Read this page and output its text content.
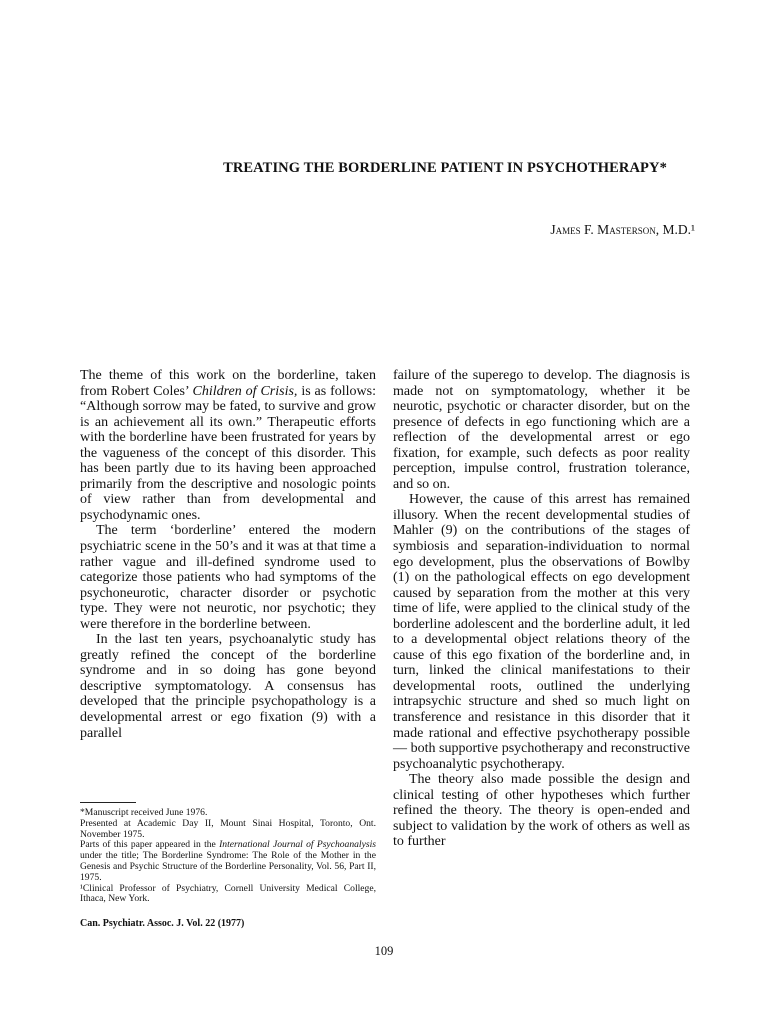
TREATING THE BORDERLINE PATIENT IN PSYCHOTHERAPY*
James F. Masterson, M.D.¹

The theme of this work on the borderline, taken from Robert Coles’ Children of Crisis, is as follows: “Although sorrow may be fated, to survive and grow is an achievement all its own.” Therapeutic efforts with the borderline have been frustrated for years by the vagueness of the concept of this disorder. This has been partly due to its having been approached primarily from the descriptive and nosologic points of view rather than from developmental and psychodynamic ones.

The term ‘borderline’ entered the modern psychiatric scene in the 50’s and it was at that time a rather vague and ill-defined syndrome used to categorize those patients who had symptoms of the psychoneurotic, character disorder or psychotic type. They were not neurotic, nor psychotic; they were therefore in the borderline between.

In the last ten years, psychoanalytic study has greatly refined the concept of the borderline syndrome and in so doing has gone beyond descriptive symptomatology. A consensus has developed that the principle psychopathology is a developmental arrest or ego fixation (9) with a parallel

*Manuscript received June 1976.
Presented at Academic Day II, Mount Sinai Hospital, Toronto, Ont. November 1975.
Parts of this paper appeared in the International Journal of Psychoanalysis under the title; The Borderline Syndrome: The Role of the Mother in the Genesis and Psychic Structure of the Borderline Personality, Vol. 56, Part II, 1975.
¹Clinical Professor of Psychiatry, Cornell University Medical College, Ithaca, New York.
Can. Psychiatr. Assoc. J. Vol. 22 (1977)

failure of the superego to develop. The diagnosis is made not on symptomatology, whether it be neurotic, psychotic or character disorder, but on the presence of defects in ego functioning which are a reflection of the developmental arrest or ego fixation, for example, such defects as poor reality perception, impulse control, frustration tolerance, and so on.

However, the cause of this arrest has remained illusory. When the recent developmental studies of Mahler (9) on the contributions of the stages of symbiosis and separation-individuation to normal ego development, plus the observations of Bowlby (1) on the pathological effects on ego development caused by separation from the mother at this very time of life, were applied to the clinical study of the borderline adolescent and the borderline adult, it led to a developmental object relations theory of the cause of this ego fixation of the borderline and, in turn, linked the clinical manifestations to their developmental roots, outlined the underlying intrapsychic structure and shed so much light on transference and resistance in this disorder that it made rational and effective psychotherapy possible — both supportive psychotherapy and reconstructive psychoanalytic psychotherapy.

The theory also made possible the design and clinical testing of other hypotheses which further refined the theory. The theory is open-ended and subject to validation by the work of others as well as to further

109
